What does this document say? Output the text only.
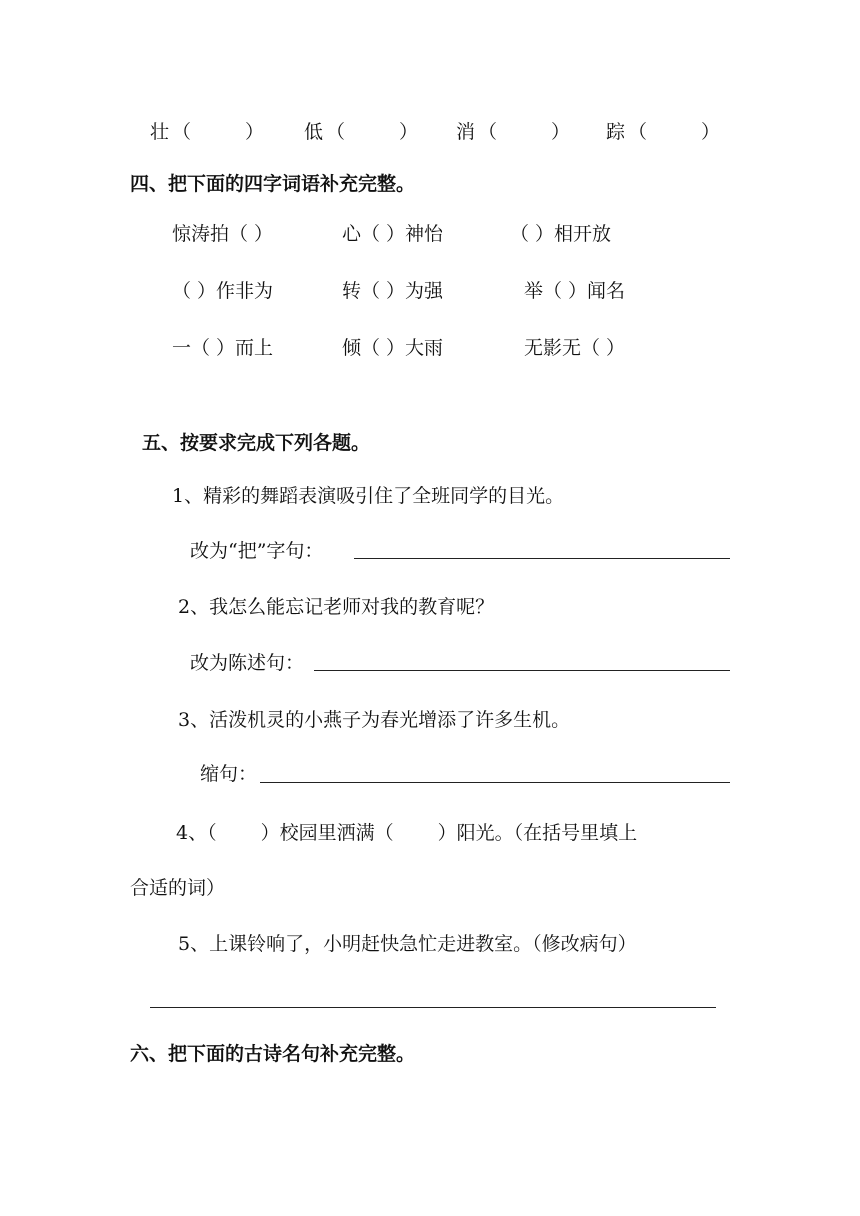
壮 （ ） 低 （ ） 消 （ ） 踪 （ ）
四、把下面的四字词语补充完整。
惊涛拍（ ）	心（ ）神怡	（ ）相开放
（ ）作非为	转（ ）为强	举（ ）闻名
一（ ）而上	倾（ ）大雨	无影无（ ）
五、按要求完成下列各题。
1、精彩的舞蹈表演吸引住了全班同学的目光。
改为“把”字句：
2、我怎么能忘记老师对我的教育呢？
改为陈述句：
3、活泼机灵的小燕子为春光增添了许多生机。
缩句：
4、（ ）校园里洒满（ ）阳光。（在括号里填上
合适的词）
5、上课铃响了，小明赶快急忙走进教室。（修改病句）
六、把下面的古诗名句补充完整。
